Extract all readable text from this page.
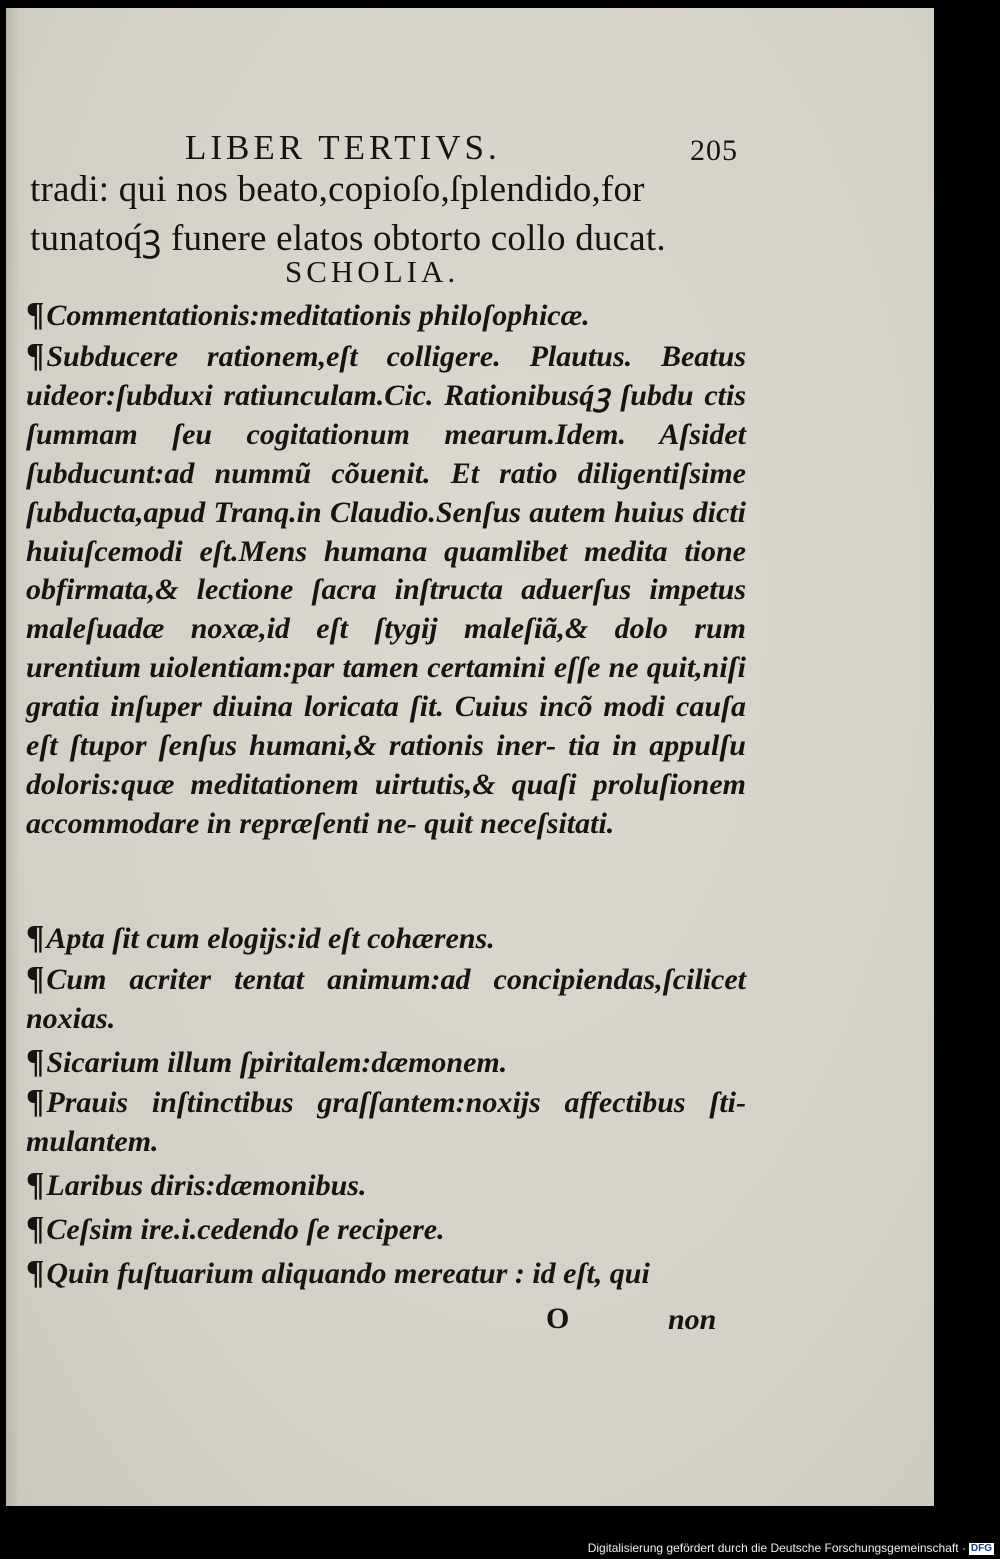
LIBER TERTIVS.	205
tradi: qui nos beato,copioſo,ſplendido,for
tunatoq́ꝫ funere elatos obtorto collo ducat.
SCHOLIA.
¶Commentationis:meditationis philoſophicæ.
¶Subducere rationem,eſt colligere. Plautus. Beatus uideor:ſubduxi ratiunculam.Cic. Rationibusq́ꝫ ſubdu ctis ſummam ſeu cogitationum mearum.Idem. Aſsidet ſubducunt:ad nummũ cõuenit. Et ratio diligentiſsime ſubducta,apud Tranq.in Claudio.Senſus autem huius dicti huiuſcemodi eſt.Mens humana quamlibet medita tione obfirmata,& lectione ſacra inſtructa aduerſus impetus maleſuadæ noxæ,id eſt ſtygij maleſiã,& dolo rum urentium uiolentiam:par tamen certamini eſſe ne quit,niſi gratia inſuper diuina loricata ſit. Cuius incõ modi cauſa eſt ſtupor ſenſus humani,& rationis iner- tia in appulſu doloris:quæ meditationem uirtutis,& quaſi proluſionem accommodare in repræſenti ne- quit neceſsitati.
¶Apta ſit cum elogijs:id eſt cohærens.
¶Cum acriter tentat animum:ad concipiendas,ſcilicet noxias.
¶Sicarium illum ſpiritalem:dæmonem.
¶Prauis inſtinctibus graſſantem:noxijs affectibus ſti- mulantem.
¶Laribus diris:dæmonibus.
¶Ceſsim ire.i.cedendo ſe recipere.
¶Quin fuſtuarium aliquando mereatur : id eſt, qui
O	non
Digitalisierung gefördert durch die Deutsche Forschungsgemeinschaft · DFG
